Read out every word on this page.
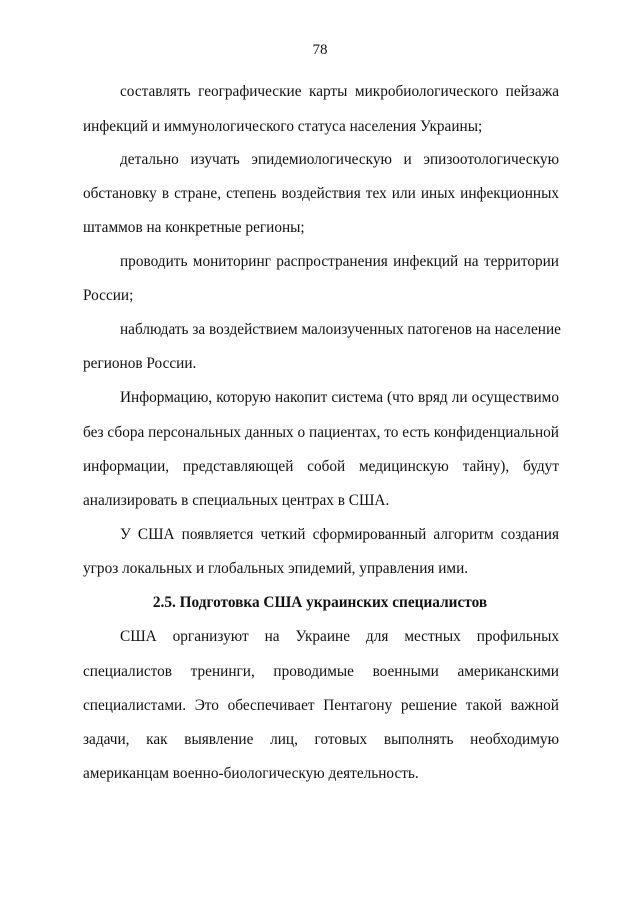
78
составлять географические карты микробиологического пейзажа
инфекций и иммунологического статуса населения Украины;
детально изучать эпидемиологическую и эпизоотологическую
обстановку в стране, степень воздействия тех или иных инфекционных
штаммов на конкретные регионы;
проводить мониторинг распространения инфекций на территории
России;
наблюдать за воздействием малоизученных патогенов на население
регионов России.
Информацию, которую накопит система (что вряд ли осуществимо
без сбора персональных данных о пациентах, то есть конфиденциальной
информации, представляющей собой медицинскую тайну), будут
анализировать в специальных центрах в США.
У США появляется четкий сформированный алгоритм создания
угроз локальных и глобальных эпидемий, управления ими.
2.5. Подготовка США украинских специалистов
США организуют на Украине для местных профильных
специалистов тренинги, проводимые военными американскими
специалистами. Это обеспечивает Пентагону решение такой важной
задачи, как выявление лиц, готовых выполнять необходимую
американцам военно-биологическую деятельность.
